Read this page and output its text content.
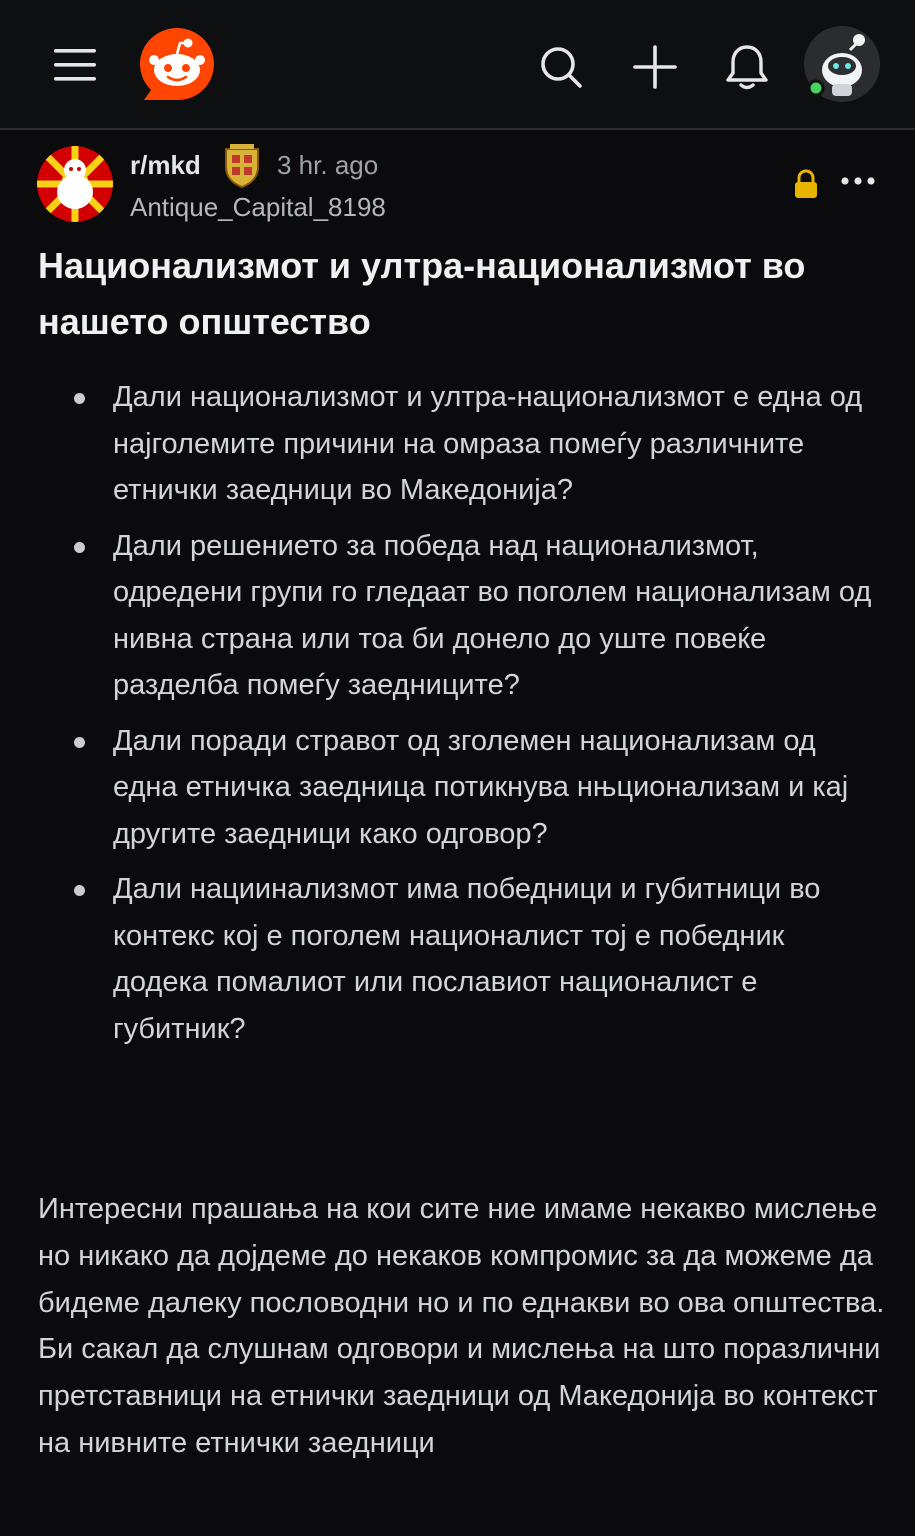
r/mkd	3 hr. ago
Antique_Capital_8198
Национализмот и ултра-национализмот во нашето општество
Дали национализмот и ултра-национализмот е една од најголемите причини на омраза помеѓу различните етнички заедници во Македонија?
Дали решението за победа над национализмот, одредени групи го гледаат во поголем национализам од нивна страна или тоа би донело до уште повеќе разделба помеѓу заедниците?
Дали поради стравот од зголемен национализам од една етничка заедница потикнува нњционализам и кај другите заедници како одговор?
Дали нациинализмот има победници и губитници во контекс кој е поголем националист тој е победник додека помалиот или пославиот националист е губитник?

Интересни прашања на кои сите ние имаме некакво мислење но никако да дојдеме до некаков компромис за да можеме да бидеме далеку пословодни но и по еднакви во ова општества. Би сакал да слушнам одговори и мислења на што поразлични претставници на етнички заедници од Македонија во контекст на нивните етнички заедници
